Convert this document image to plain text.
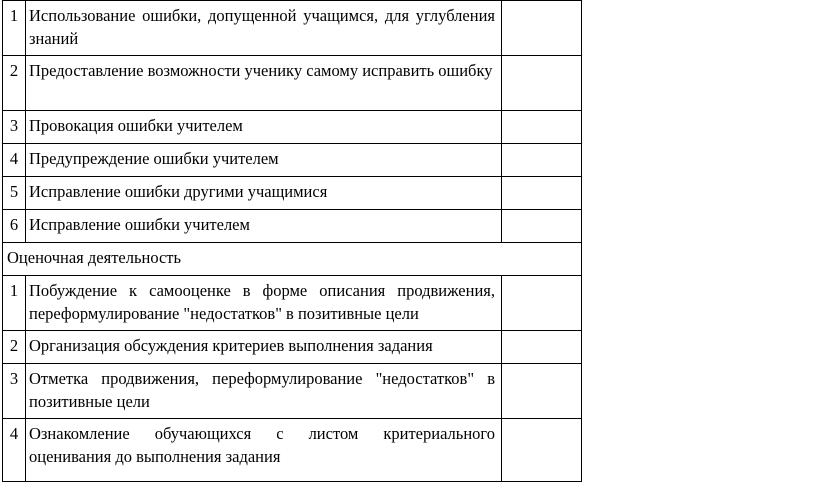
1	Использование ошибки, допущенной учащимся, для углубления знаний	
2	Предоставление возможности ученику самому исправить ошибку	
3	Провокация ошибки учителем	
4	Предупреждение ошибки учителем	
5	Исправление ошибки другими учащимися	
6	Исправление ошибки учителем	
Оценочная деятельность		
1	Побуждение к самооценке в форме описания продвижения, переформулирование "недостатков" в позитивные цели	
2	Организация обсуждения критериев выполнения задания	
3	Отметка продвижения, переформулирование "недостатков" в позитивные цели	
4	Ознакомление обучающихся с листом критериального оценивания до выполнения задания	
